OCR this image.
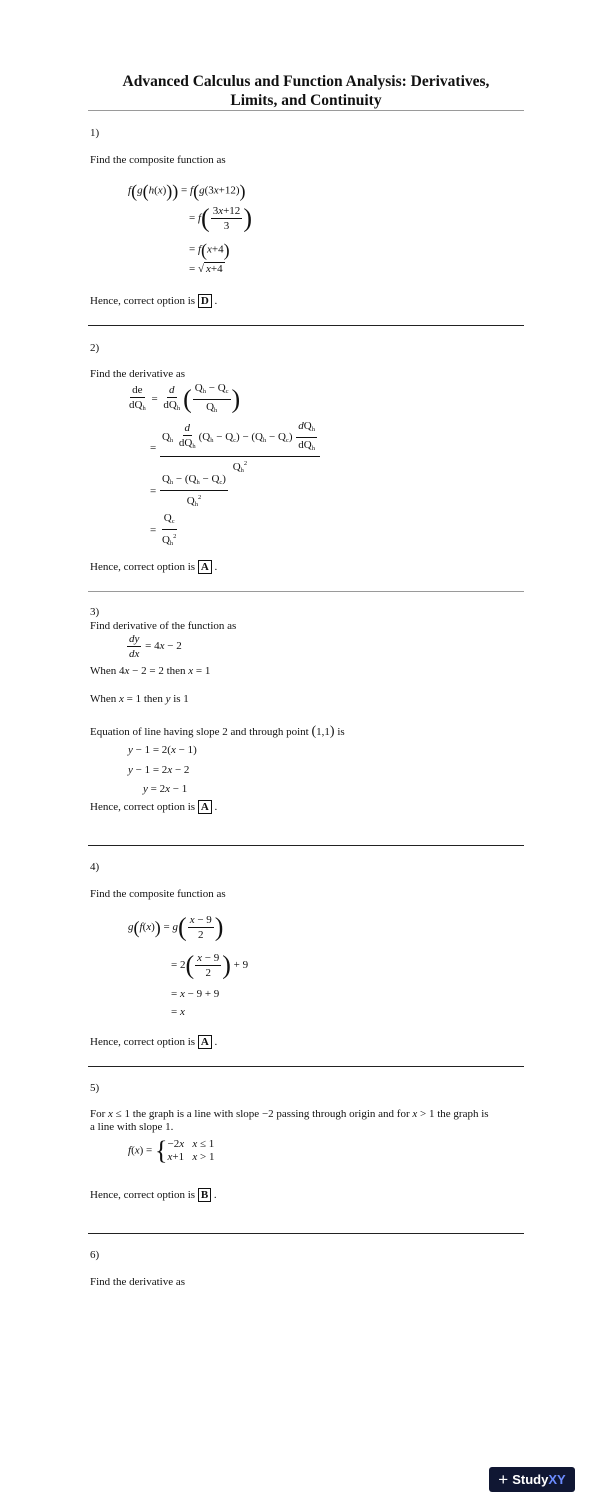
Advanced Calculus and Function Analysis: Derivatives,
Limits, and Continuity
1)
Find the composite function as
f(g(h(x))) = f(g(3x+12))
= $f( \frac{3x+12}{3}$ )
= f(x+4)
= √ x+4
Hence, correct option is D .
2)
Find the derivative as
$\frac{de}{dQ_h} = \frac{d}{dQ_h}$ ( $\frac{Q_h - Q_c}{Q_h}$ )
= $\frac{Q_h \frac{d}{dQ_h} (Q_h - Q_c) - (Q_h - Q_c) \frac{dQ_h}{dQ_h}}{Q_h^2}$
= $\frac{Q_h - (Q_h - Q_c)}{Q_h^2}$
= $\frac{Q_c}{Q_h^2}$
Hence, correct option is A .
3)
Find derivative of the function as
$\frac{dy}{dx} = 4x - 2$
When 4x − 2 = 2 then x = 1
When x = 1 then y is 1
Equation of line having slope 2 and through point (1,1) is
y − 1 = 2(x − 1)
y − 1 = 2x − 2
y = 2x − 1
Hence, correct option is A .
4)
Find the composite function as
$g(f(x)) = g( \frac{x - 9}{2}$ )
= $2( \frac{x - 9}{2}$ ) + 9
= x − 9 + 9
= x
Hence, correct option is A .
5)
For x ≤ 1 the graph is a line with slope −2 passing through origin and for x > 1 the graph is
a line with slope 1.
f(x) = { −2x x ≤ 1
x+1   x > 1
Hence, correct option is B .
6)
Find the derivative as
+ StudyXY
